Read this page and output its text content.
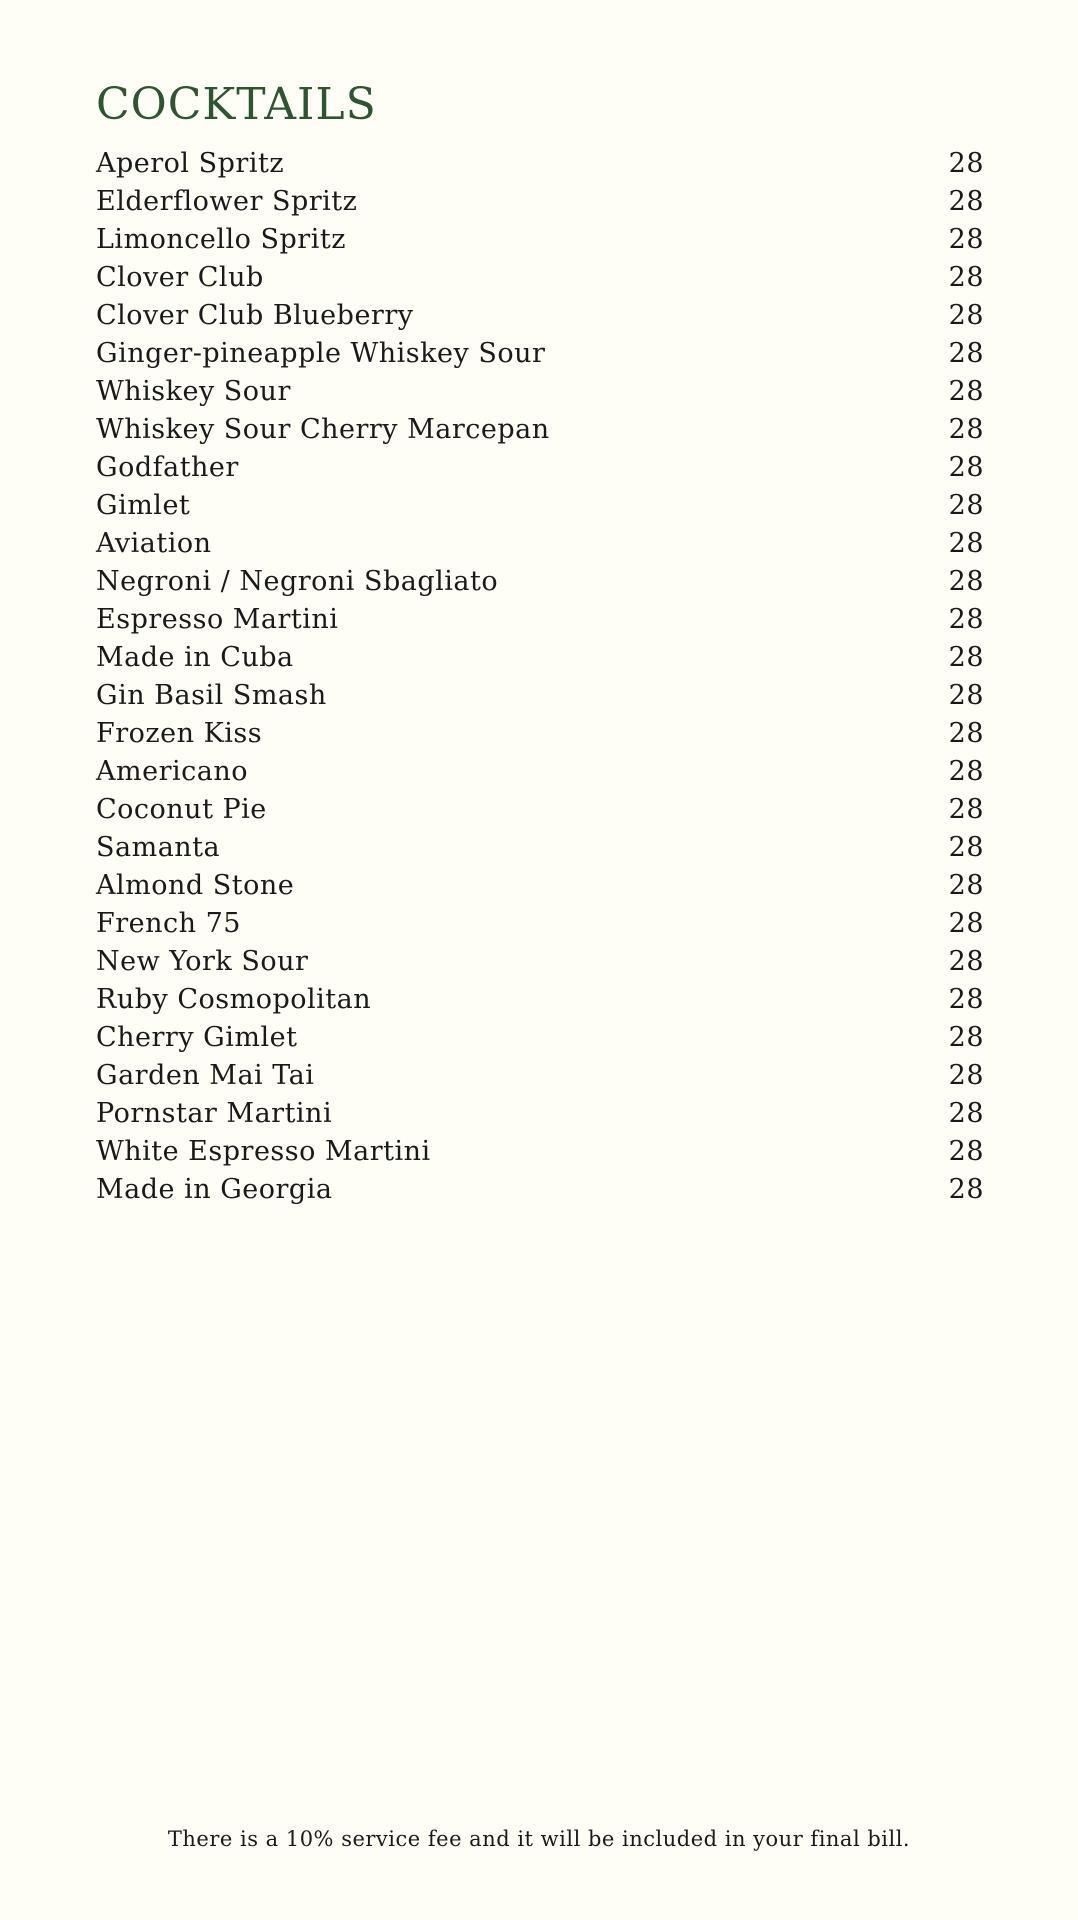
COCKTAILS
Aperol Spritz	28
Elderflower Spritz	28
Limoncello Spritz	28
Clover Club	28
Clover Club Blueberry	28
Ginger-pineapple Whiskey Sour	28
Whiskey Sour	28
Whiskey Sour Cherry Marcepan	28
Godfather	28
Gimlet	28
Aviation	28
Negroni / Negroni Sbagliato	28
Espresso Martini	28
Made in Cuba	28
Gin Basil Smash	28
Frozen Kiss	28
Americano	28
Coconut Pie	28
Samanta	28
Almond Stone	28
French 75	28
New York Sour	28
Ruby Cosmopolitan	28
Cherry Gimlet	28
Garden Mai Tai	28
Pornstar Martini	28
White Espresso Martini	28
Made in Georgia	28
There is a 10% service fee and it will be included in your final bill.
